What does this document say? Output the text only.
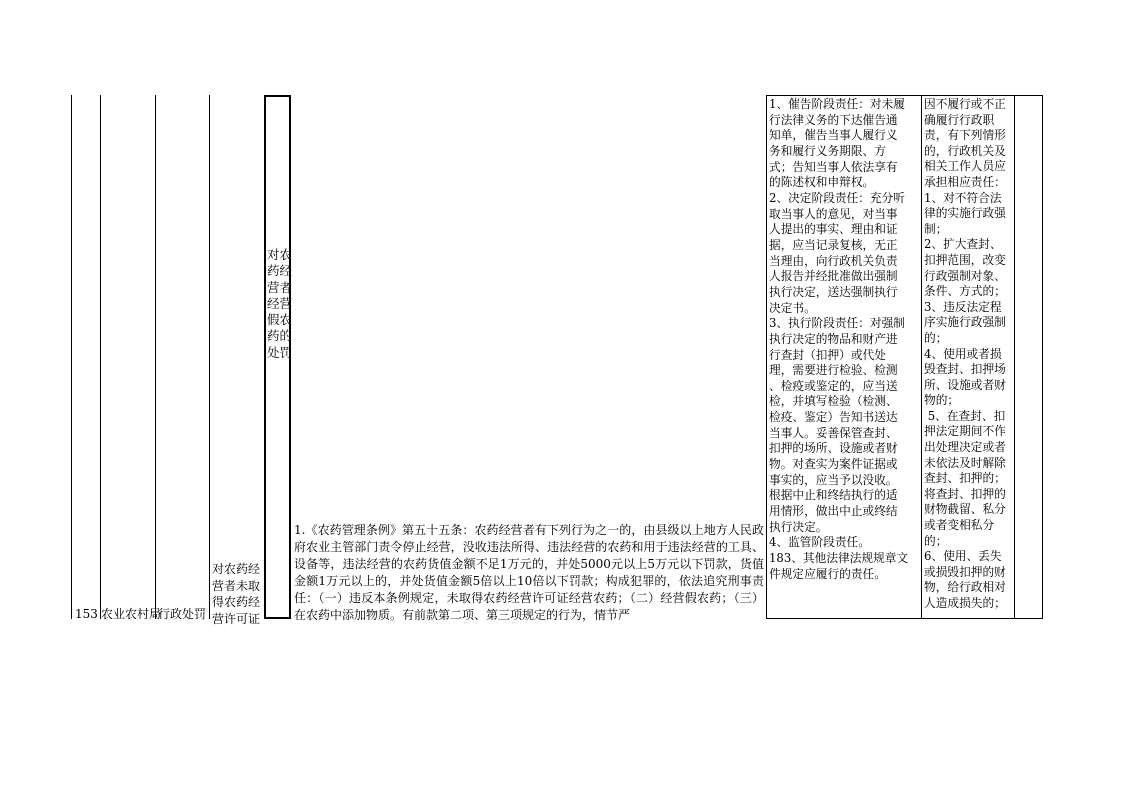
153 农业农村局
行政处罚
对农药经营者未取得农药经营许可证
对农药经营者经营假农药的处罚
1.《农药管理条例》第五十五条：农药经营者有下列行为之一的，由县级以上地方人民政府农业主管部门责令停止经营，没收违法所得、违法经营的农药和用于违法经营的工具、设备等，违法经营的农药货值金额不足1万元的，并处5000元以上5万元以下罚款，货值金额1万元以上的，并处货值金额5倍以上10倍以下罚款；构成犯罪的，依法追究刑事责任：（一）违反本条例规定，未取得农药经营许可证经营农药；（二）经营假农药；（三）在农药中添加物质。有前款第二项、第三项规定的行为，情节严
1、催告阶段责任：对未履
行法律义务的下达催告通
知单，催告当事人履行义
务和履行义务期限、方
式；告知当事人依法享有
的陈述权和申辩权。
2、决定阶段责任：充分听
取当事人的意见，对当事
人提出的事实、理由和证
据，应当记录复核，无正
当理由，向行政机关负责
人报告并经批准做出强制
执行决定，送达强制执行
决定书。
3、执行阶段责任：对强制
执行决定的物品和财产进
行查封（扣押）或代处
理，需要进行检验、检测
、检疫或鉴定的，应当送
检，并填写检验（检测、
检疫、鉴定）告知书送达
当事人。妥善保管查封、
扣押的场所、设施或者财
物。对查实为案件证据或
事实的，应当予以没收。
根据中止和终结执行的适
用情形，做出中止或终结
执行决定。
4、监管阶段责任。
183、其他法律法规规章文
件规定应履行的责任。
因不履行或不正
确履行行政职
责，有下列情形
的，行政机关及
相关工作人员应
承担相应责任：
1、对不符合法
律的实施行政强
制；
2、扩大查封、
扣押范围，改变
行政强制对象、
条件、方式的；
3、违反法定程
序实施行政强制
的；
4、使用或者损
毁查封、扣押场
所、设施或者财
物的；
5、在查封、扣
押法定期间不作
出处理决定或者
未依法及时解除
查封、扣押的；
将查封、扣押的
财物截留、私分
或者变相私分
的；
6、使用、丢失
或损毁扣押的财
物，给行政相对
人造成损失的；
